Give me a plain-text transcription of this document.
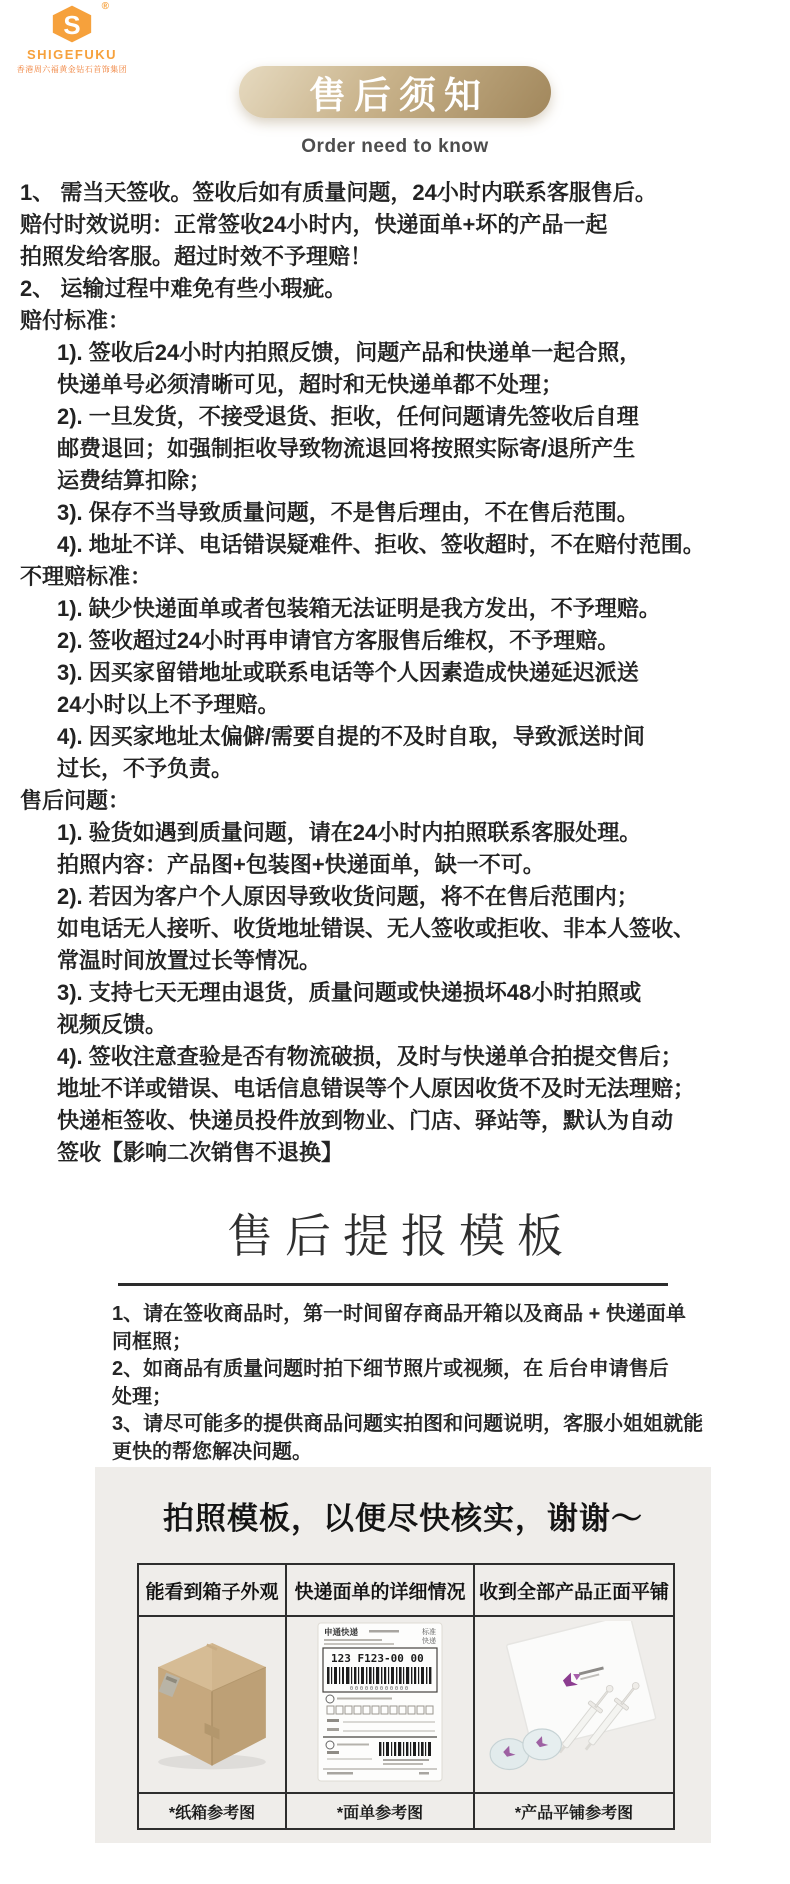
S
®
SHIGEFUKU
香港周六福黄金钻石首饰集团
售后须知
Order need to know
1、 需当天签收。签收后如有质量问题，24小时内联系客服售后。
赔付时效说明：正常签收24小时内，快递面单+坏的产品一起
拍照发给客服。超过时效不予理赔！
2、 运输过程中难免有些小瑕疵。
赔付标准：
1). 签收后24小时内拍照反馈，问题产品和快递单一起合照，
快递单号必须清晰可见，超时和无快递单都不处理；
2). 一旦发货，不接受退货、拒收，任何问题请先签收后自理
邮费退回；如强制拒收导致物流退回将按照实际寄/退所产生
运费结算扣除；
3). 保存不当导致质量问题，不是售后理由，不在售后范围。
4). 地址不详、电话错误疑难件、拒收、签收超时，不在赔付范围。
不理赔标准：
1). 缺少快递面单或者包装箱无法证明是我方发出，不予理赔。
2). 签收超过24小时再申请官方客服售后维权，不予理赔。
3). 因买家留错地址或联系电话等个人因素造成快递延迟派送
24小时以上不予理赔。
4). 因买家地址太偏僻/需要自提的不及时自取，导致派送时间
过长，不予负责。
售后问题：
1). 验货如遇到质量问题，请在24小时内拍照联系客服处理。
拍照内容：产品图+包装图+快递面单，缺一不可。
2). 若因为客户个人原因导致收货问题，将不在售后范围内；
如电话无人接听、收货地址错误、无人签收或拒收、非本人签收、
常温时间放置过长等情况。
3). 支持七天无理由退货，质量问题或快递损坏48小时拍照或
视频反馈。
4). 签收注意查验是否有物流破损，及时与快递单合拍提交售后；
地址不详或错误、电话信息错误等个人原因收货不及时无法理赔；
快递柜签收、快递员投件放到物业、门店、驿站等，默认为自动
签收【影响二次销售不退换】
售后提报模板
1、请在签收商品时，第一时间留存商品开箱以及商品 + 快递面单
同框照；
2、如商品有质量问题时拍下细节照片或视频，在 后台申请售后
处理；
3、请尽可能多的提供商品问题实拍图和问题说明，客服小姐姐就能
更快的帮您解决问题。
拍照模板，以便尽快核实，谢谢～
能看到箱子外观	快递面单的详细情况	收到全部产品正面平铺

申通快递 标准
快递
123 F123-00 00
000000000000

*纸箱参考图	*面单参考图	*产品平铺参考图
